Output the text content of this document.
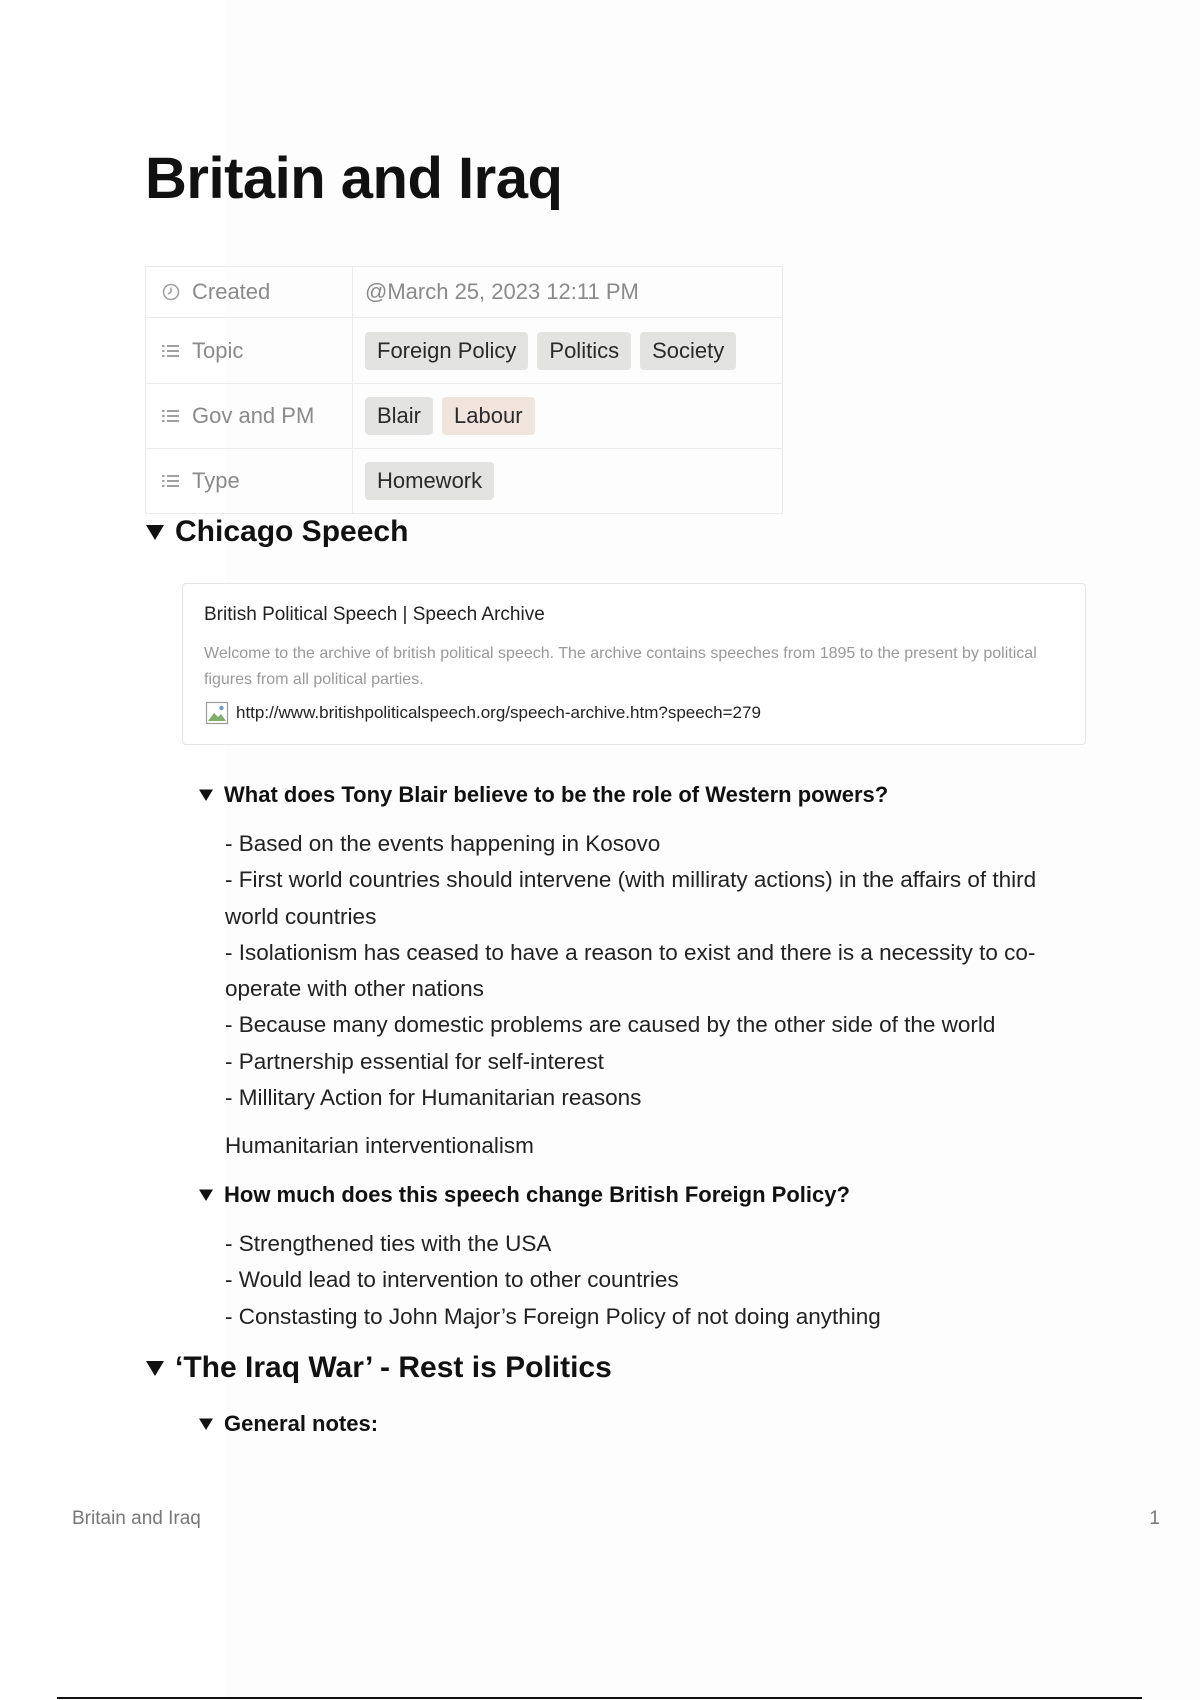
Britain and Iraq
Created	@March 25, 2023 12:11 PM

Topic	Foreign Policy Politics Society

Gov and PM	Blair Labour

Type	Homework
Chicago Speech
British Political Speech | Speech Archive
Welcome to the archive of british political speech. The archive contains speeches from 1895 to the present by political figures from all political parties.
http://www.britishpoliticalspeech.org/speech-archive.htm?speech=279
What does Tony Blair believe to be the role of Western powers?
- Based on the events happening in Kosovo
- First world countries should intervene (with milliraty actions) in the affairs of third world countries
- Isolationism has ceased to have a reason to exist and there is a necessity to co-operate with other nations
- Because many domestic problems are caused by the other side of the world
- Partnership essential for self-interest
- Millitary Action for Humanitarian reasons
Humanitarian interventionalism
How much does this speech change British Foreign Policy?
- Strengthened ties with the USA
- Would lead to intervention to other countries
- Constasting to John Major’s Foreign Policy of not doing anything
‘The Iraq War’ - Rest is Politics
General notes:
Britain and Iraq	1
